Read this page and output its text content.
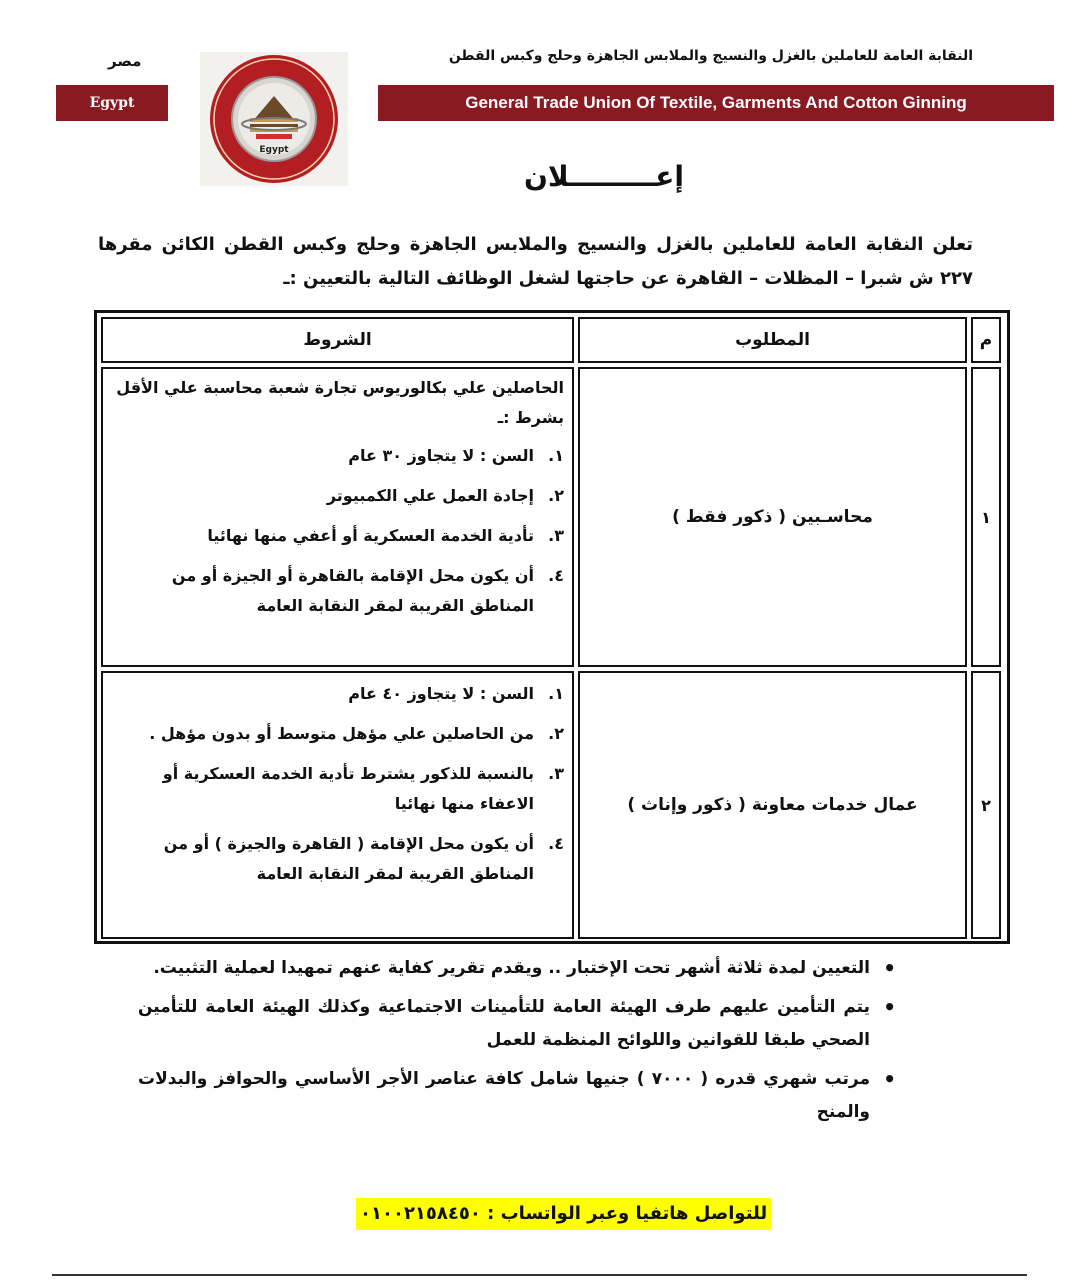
مصر
Egypt
Egypt
النقابة العامة للعاملين بالغزل والنسيج والملابس الجاهزة وحلج وكبس القطن
General Trade Union Of Textile, Garments And Cotton Ginning
إعـــــــــلان
تعلن النقابة العامة للعاملين بالغزل والنسيج والملابس الجاهزة وحلج وكبس القطن الكائن مقرها ٢٢٧ ش شبرا – المظلات – القاهرة عن حاجتها لشغل الوظائف التالية بالتعيين :ـ
م
المطلوب
الشروط
١
محاسـبين ( ذكور فقط )
الحاصلين علي بكالوريوس تجارة شعبة محاسبة علي الأقل بشرط :ـ
١.
السن : لا يتجاوز ٣٠ عام
٢.
إجادة العمل علي الكمبيوتر
٣.
تأدية الخدمة العسكرية أو أعفي منها نهائيا
٤.
أن يكون محل الإقامة بالقاهرة أو الجيزة أو من المناطق القريبة لمقر النقابة العامة
٢
عمال خدمات معاونة ( ذكور وإناث )
١.
السن : لا يتجاوز ٤٠ عام
٢.
من الحاصلين علي مؤهل متوسط أو بدون مؤهل .
٣.
بالنسبة للذكور يشترط تأدية الخدمة العسكرية أو الاعفاء منها نهائيا
٤.
أن يكون محل الإقامة ( القاهرة والجيزة ) أو من المناطق القريبة لمقر النقابة العامة
•
التعيين لمدة ثلاثة أشهر تحت الإختبار .. ويقدم تقرير كفاية عنهم تمهيدا لعملية التثبيت.
•
يتم التأمين عليهم طرف الهيئة العامة للتأمينات الاجتماعية وكذلك الهيئة العامة للتأمين الصحي طبقا للقوانين واللوائح المنظمة للعمل
•
مرتب شهري قدره ( ٧٠٠٠ ) جنيها شامل كافة عناصر الأجر الأساسي والحوافز والبدلات والمنح
للتواصل هاتفيا وعبر الواتساب : ٠١٠٠٢١٥٨٤٥٠
